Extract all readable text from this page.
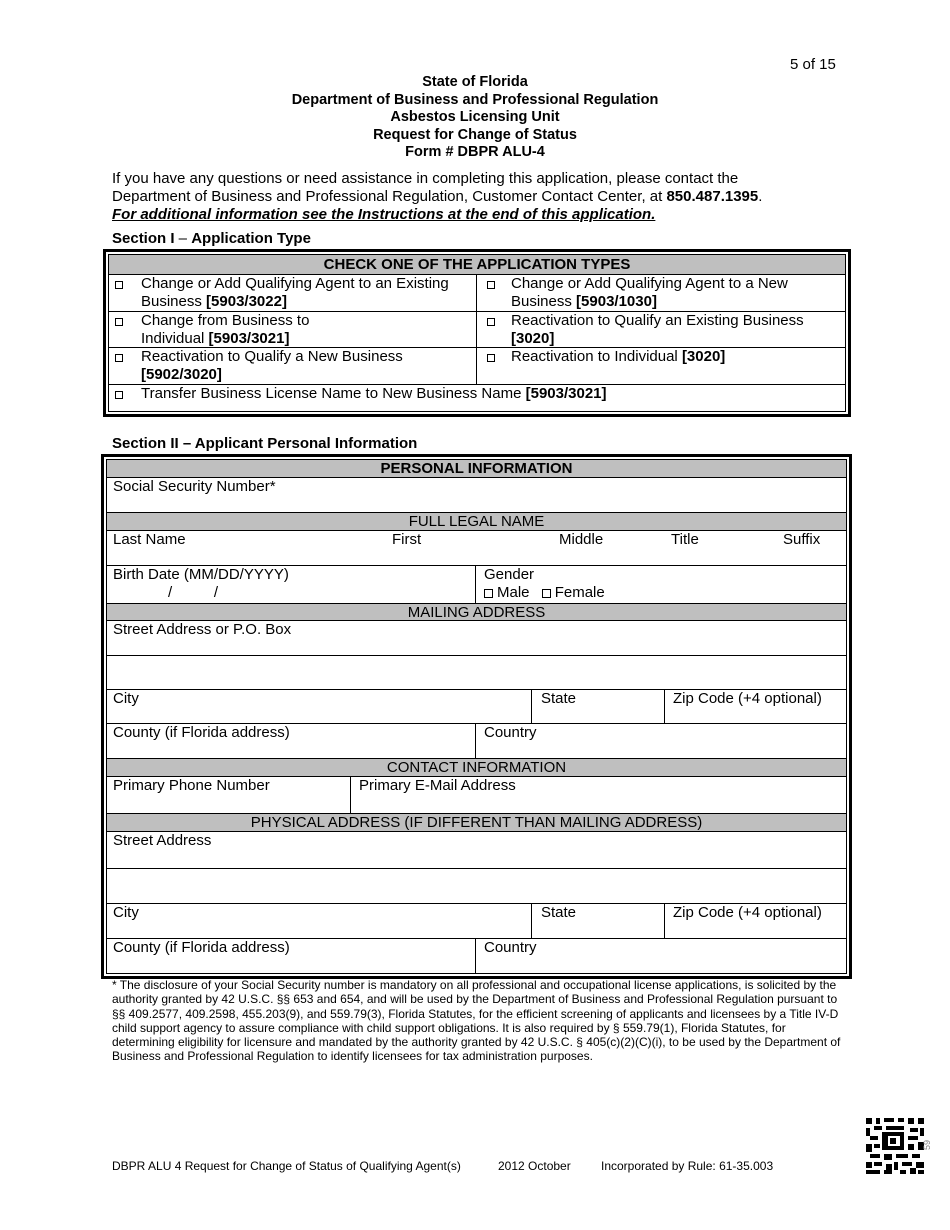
5 of 15
State of Florida
Department of Business and Professional Regulation
Asbestos Licensing Unit
Request for Change of Status
Form # DBPR ALU-4
If you have any questions or need assistance in completing this application, please contact the
Department of Business and Professional Regulation, Customer Contact Center, at 850.487.1395.
For additional information see the Instructions at the end of this application.
Section I – Application Type
CHECK ONE OF THE APPLICATION TYPES
Change or Add Qualifying Agent to an Existing Business [5903/3022]
Change or Add Qualifying Agent to a New Business [5903/1030]
Change from Business to Individual [5903/3021]
Reactivation to Qualify an Existing Business [3020]
Reactivation to Qualify a New Business [5902/3020]
Reactivation to Individual [3020]
Transfer Business License Name to New Business Name [5903/3021]
Section II – Applicant Personal Information
PERSONAL INFORMATION
Social Security Number*
FULL LEGAL NAME
Last Name	First	Middle	Title	Suffix
Birth Date (MM/DD/YYYY)
/          /
Gender
Male Female
MAILING ADDRESS
Street Address or P.O. Box
City	State	Zip Code (+4 optional)
County (if Florida address)	Country
CONTACT INFORMATION
Primary Phone Number	Primary E-Mail Address
PHYSICAL ADDRESS (IF DIFFERENT THAN MAILING ADDRESS)
Street Address
City	State	Zip Code (+4 optional)
County (if Florida address)	Country
* The disclosure of your Social Security number is mandatory on all professional and occupational license applications, is solicited by the authority granted by 42 U.S.C. §§ 653 and 654, and will be used by the Department of Business and Professional Regulation pursuant to §§ 409.2577, 409.2598, 455.203(9), and 559.79(3), Florida Statutes, for the efficient screening of applicants and licensees by a Title IV-D child support agency to assure compliance with child support obligations. It is also required by § 559.79(1), Florida Statutes, for determining eligibility for licensure and mandated by the authority granted by 42 U.S.C. § 405(c)(2)(C)(i), to be used by the Department of Business and Professional Regulation to identify licensees for tax administration purposes.
DBPR ALU 4 Request for Change of Status of Qualifying Agent(s)	2012 October	Incorporated by Rule: 61-35.003
59
